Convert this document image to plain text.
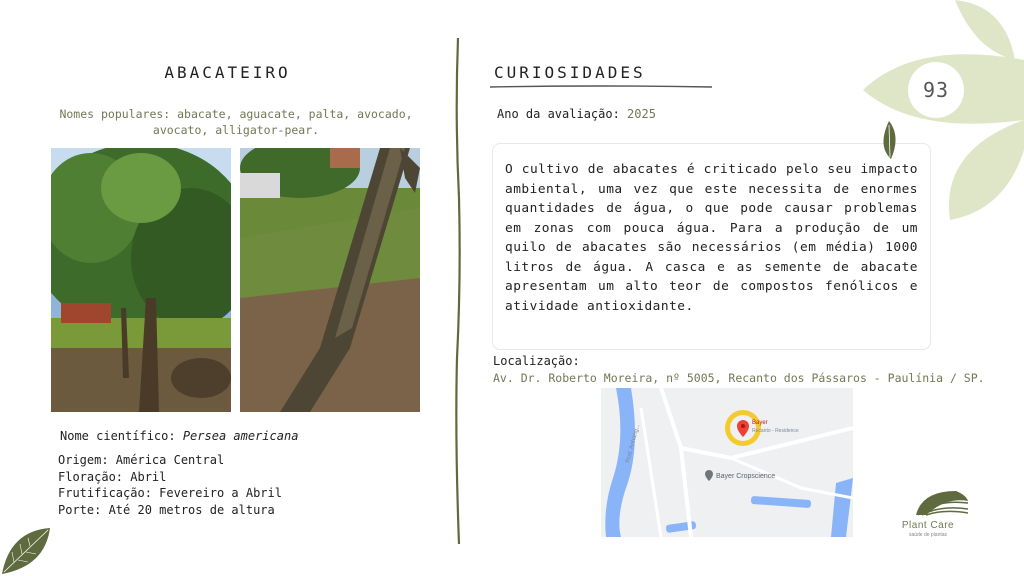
ABACATEIRO
Nomes populares: abacate, aguacate, palta, avocado, avocato, alligator-pear.
Nome científico: Persea americana
Origem: América Central
Floração: Abril
Frutificação: Fevereiro a Abril
Porte: Até 20 metros de altura
CURIOSIDADES
Ano da avaliação: 2025

O cultivo de abacates é criticado pelo seu impacto ambiental, uma vez que este necessita de enormes quantidades de água, o que pode causar problemas em zonas com pouca água. Para a produção de um quilo de abacates são necessários (em média) 1000 litros de água. A casca e as semente de abacate apresentam um alto teor de compostos fenólicos e atividade antioxidante.

Localização:
Av. Dr. Roberto Moreira, nº 5005, Recanto dos Pássaros - Paulínia / SP.
Rod. Anhang...
Bayer
Recanto - Residence
Bayer Cropscience
93
Plant Care
saúde de plantas
